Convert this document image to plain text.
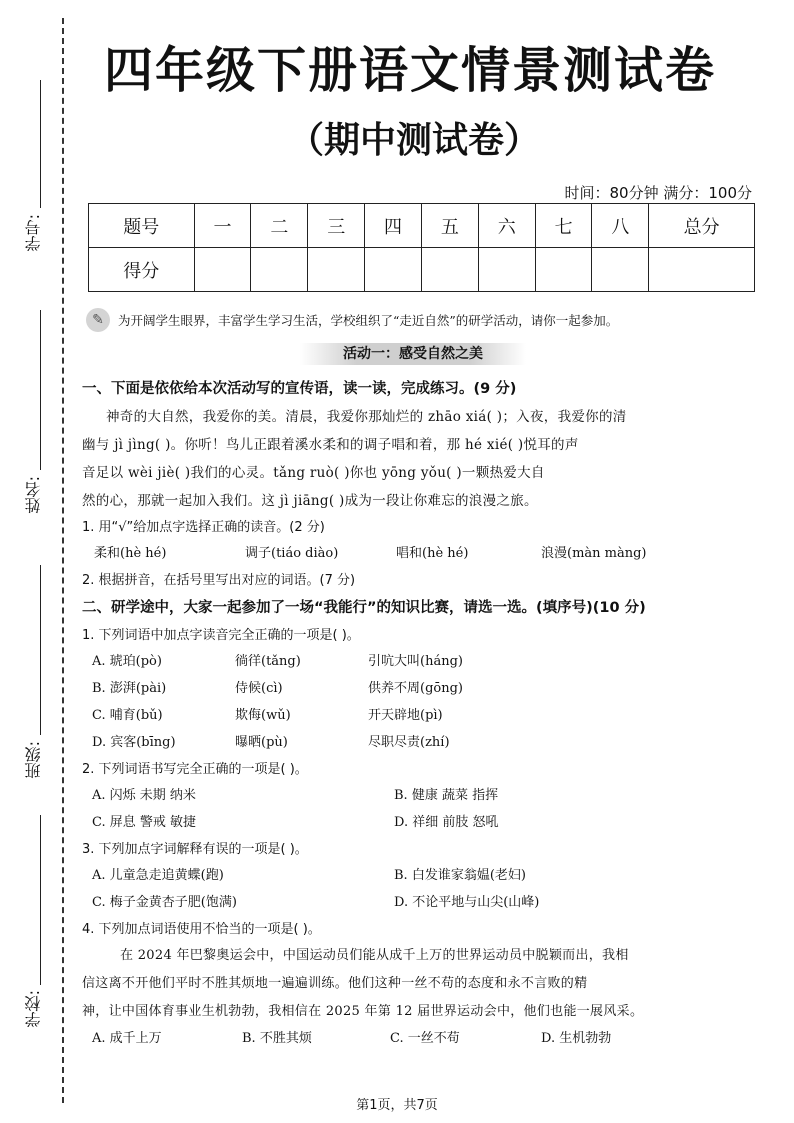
学号:
姓名:
班级:
学校:
四年级下册语文情景测试卷
（期中测试卷）
时间：80分钟 满分：100分
题号	一	二	三	四	五	六	七	八	总分
得分									
✎	为开阔学生眼界，丰富学生学习生活，学校组织了“走近自然”的研学活动，请你一起参加。
活动一：感受自然之美
一、下面是依依给本次活动写的宣传语，读一读，完成练习。(9 分)
神奇的大自然，我爱你的美。清晨，我爱你那灿烂的 zhāo xiá( )；入夜，我爱你的清
幽与 jì jìng( )。你听！鸟儿正跟着溪水柔和的调子唱和着，那 hé xié( )悦耳的声
音足以 wèi jiè( )我们的心灵。tǎng ruò( )你也 yōng yǒu( )一颗热爱大自
然的心，那就一起加入我们。这 jì jiāng( )成为一段让你难忘的浪漫之旅。
1. 用“√”给加点字选择正确的读音。(2 分)
柔和(hè hé)	调子(tiáo diào)	唱和(hè hé)	浪漫(màn màng)
2. 根据拼音，在括号里写出对应的词语。(7 分)
二、研学途中，大家一起参加了一场“我能行”的知识比赛，请选一选。(填序号)(10 分)
1. 下列词语中加点字读音完全正确的一项是( )。
A. 琥珀(pò)	徜徉(tǎng)	引吭大叫(háng)
B. 澎湃(pài)	侍候(cì)	供养不周(gōng)
C. 哺育(bǔ)	欺侮(wǔ)	开天辟地(pì)
D. 宾客(bīng)	曝晒(pù)	尽职尽责(zhí)
2. 下列词语书写完全正确的一项是( )。
A. 闪烁 未期 纳米	B. 健康 蔬菜 指挥
C. 屏息 警戒 敏捷	D. 祥细 前肢 怒吼
3. 下列加点字词解释有误的一项是( )。
A. 儿童急走追黄蝶(跑)	B. 白发谁家翁媪(老妇)
C. 梅子金黄杏子肥(饱满)	D. 不论平地与山尖(山峰)
4. 下列加点词语使用不恰当的一项是( )。
在 2024 年巴黎奥运会中，中国运动员们能从成千上万的世界运动员中脱颖而出，我相
信这离不开他们平时不胜其烦地一遍遍训练。他们这种一丝不苟的态度和永不言败的精
神，让中国体育事业生机勃勃，我相信在 2025 年第 12 届世界运动会中，他们也能一展风采。
A. 成千上万	B. 不胜其烦	C. 一丝不苟	D. 生机勃勃
第1页，共7页
